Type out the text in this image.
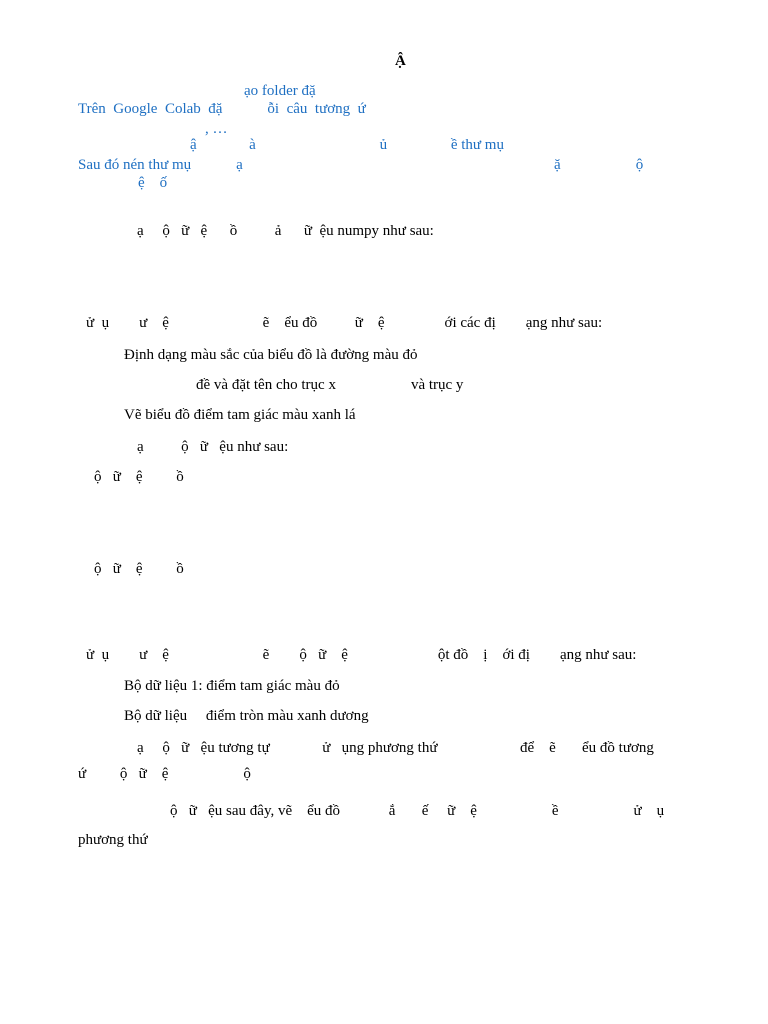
Ậ
ạo folder đặ
Trên  Google  Colab  đặ            ỗi  câu  tương  ứ
, …
ậ              à                                 ủ                 ề thư mụ
Sau đó nén thư mụ            ạ                                                                                   ặ                    ộ
ệ    ố
ạ     ộ   ữ   ệ      ồ          ả      ữ  ệu numpy như sau:
ử  ụ        ư    ệ                         ẽ    ểu đồ          ữ    ệ                ới các đị        ạng như sau:
Định dạng màu sắc của biểu đồ là đường màu đỏ
đề và đặt tên cho trục x                    và trục y
Vẽ biểu đồ điểm tam giác màu xanh lá
ạ          ộ   ữ   ệu như sau:
ộ   ữ    ệ         ồ
ộ   ữ    ệ         ồ
ử  ụ        ư    ệ                         ẽ        ộ   ữ    ệ                        ột đồ    ị    ới đị        ạng như sau:
Bộ dữ liệu 1: điểm tam giác màu đỏ
Bộ dữ liệu     điểm tròn màu xanh dương
ạ     ộ   ữ   ệu tương tự              ử   ụng phương thứ                      để    ẽ       ểu đồ tương
ứ         ộ   ữ    ệ                    ộ
ộ   ữ   ệu sau đây, vẽ    ểu đồ             ắ       ế     ữ    ệ                    ề                    ử    ụ
phương thứ
